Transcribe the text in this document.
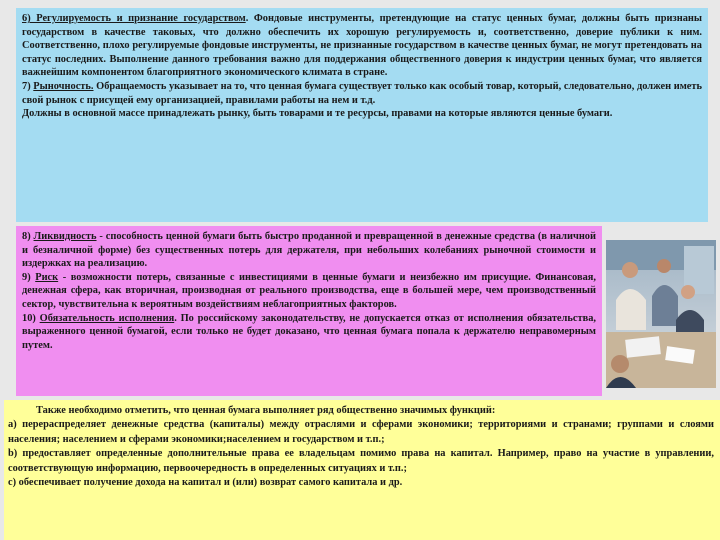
6) Регулируемость и признание государством. Фондовые инструменты, претендующие на статус ценных бумаг, должны быть признаны государством в качестве таковых, что должно обеспечить их хорошую регулируемость и, соответственно, доверие публики к ним. Соответственно, плохо регулируемые фондовые инструменты, не признанные государством в качестве ценных бумаг, не могут претендовать на статус последних. Выполнение данного требования важно для поддержания общественного доверия к индустрии ценных бумаг, что является важнейшим компонентом благоприятного экономического климата в стране.

7) Рыночность. Обращаемость указывает на то, что ценная бумага существует только как особый товар, который, следовательно, должен иметь свой рынок с присущей ему организацией, правилами работы на нем и т.д.

Должны в основной массе принадлежать рынку, быть товарами и те ресурсы, правами на которые являются ценные бумаги.

8) Ликвидность - способность ценной бумаги быть быстро проданной и превращенной в денежные средства (в наличной и безналичной форме) без существенных потерь для держателя, при небольших колебаниях рыночной стоимости и издержках на реализацию.

9) Риск - возможности потерь, связанные с инвестициями в ценные бумаги и неизбежно им присущие. Финансовая, денежная сфера, как вторичная, производная от реального производства, еще в большей мере, чем производственный сектор, чувствительна к вероятным воздействиям неблагоприятных факторов.

10) Обязательность исполнения. По российскому законодательству, не допускается отказ от исполнения обязательства, выраженного ценной бумагой, если только не будет доказано, что ценная бумага попала к держателю неправомерным путем.

Также необходимо отметить, что ценная бумага выполняет ряд общественно значимых функций:

а) перераспределяет денежные средства (капиталы) между отраслями и сферами экономики; территориями и странами; группами и слоями населения; населением и сферами экономики;населением и государством и т.п.;

b) предоставляет определенные дополнительные права ее владельцам помимо права на капитал. Например, право на участие в управлении, соответствующую информацию, первоочередность в определенных ситуациях и т.п.;

c) обеспечивает получение дохода на капитал и (или) возврат самого капитала и др.
